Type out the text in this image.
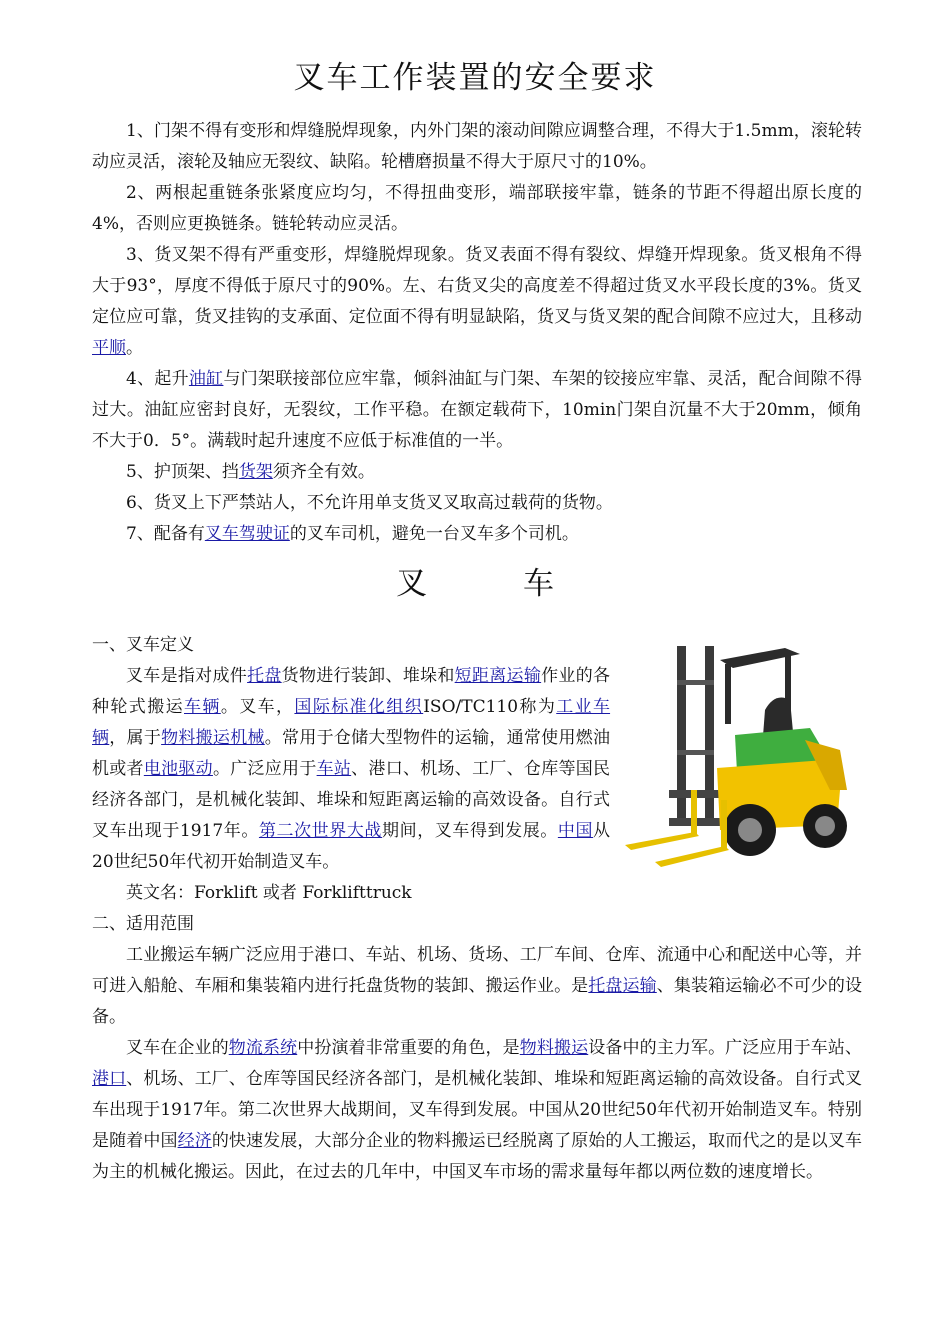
叉车工作装置的安全要求

1、门架不得有变形和焊缝脱焊现象，内外门架的滚动间隙应调整合理，不得大于1.5mm，滚轮转动应灵活，滚轮及轴应无裂纹、缺陷。轮槽磨损量不得大于原尺寸的10%。

2、两根起重链条张紧度应均匀，不得扭曲变形，端部联接牢靠，链条的节距不得超出原长度的4%，否则应更换链条。链轮转动应灵活。

3、货叉架不得有严重变形，焊缝脱焊现象。货叉表面不得有裂纹、焊缝开焊现象。货叉根角不得大于93°，厚度不得低于原尺寸的90%。左、右货叉尖的高度差不得超过货叉水平段长度的3%。货叉定位应可靠，货叉挂钩的支承面、定位面不得有明显缺陷，货叉与货叉架的配合间隙不应过大，且移动平顺。

4、起升油缸与门架联接部位应牢靠，倾斜油缸与门架、车架的铰接应牢靠、灵活，配合间隙不得过大。油缸应密封良好，无裂纹，工作平稳。在额定载荷下，10min门架自沉量不大于20mm，倾角不大于0．5°。满载时起升速度不应低于标准值的一半。

5、护顶架、挡货架须齐全有效。

6、货叉上下严禁站人，不允许用单支货叉叉取高过载荷的货物。

7、配备有叉车驾驶证的叉车司机，避免一台叉车多个司机。

叉	车

一、叉车定义

叉车是指对成件托盘货物进行装卸、堆垛和短距离运输作业的各种轮式搬运车辆。叉车，国际标准化组织ISO/TC110称为工业车辆，属于物料搬运机械。常用于仓储大型物件的运输，通常使用燃油机或者电池驱动。广泛应用于车站、港口、机场、工厂、仓库等国民经济各部门，是机械化装卸、堆垛和短距离运输的高效设备。自行式叉车出现于1917年。第二次世界大战期间，叉车得到发展。中国从20世纪50年代初开始制造叉车。

英文名：Forklift 或者 Forklifttruck

二、适用范围

工业搬运车辆广泛应用于港口、车站、机场、货场、工厂车间、仓库、流通中心和配送中心等，并可进入船舱、车厢和集装箱内进行托盘货物的装卸、搬运作业。是托盘运输、集装箱运输必不可少的设备。

叉车在企业的物流系统中扮演着非常重要的角色，是物料搬运设备中的主力军。广泛应用于车站、港口、机场、工厂、仓库等国民经济各部门，是机械化装卸、堆垛和短距离运输的高效设备。自行式叉车出现于1917年。第二次世界大战期间，叉车得到发展。中国从20世纪50年代初开始制造叉车。特别是随着中国经济的快速发展，大部分企业的物料搬运已经脱离了原始的人工搬运，取而代之的是以叉车为主的机械化搬运。因此，在过去的几年中，中国叉车市场的需求量每年都以两位数的速度增长。
